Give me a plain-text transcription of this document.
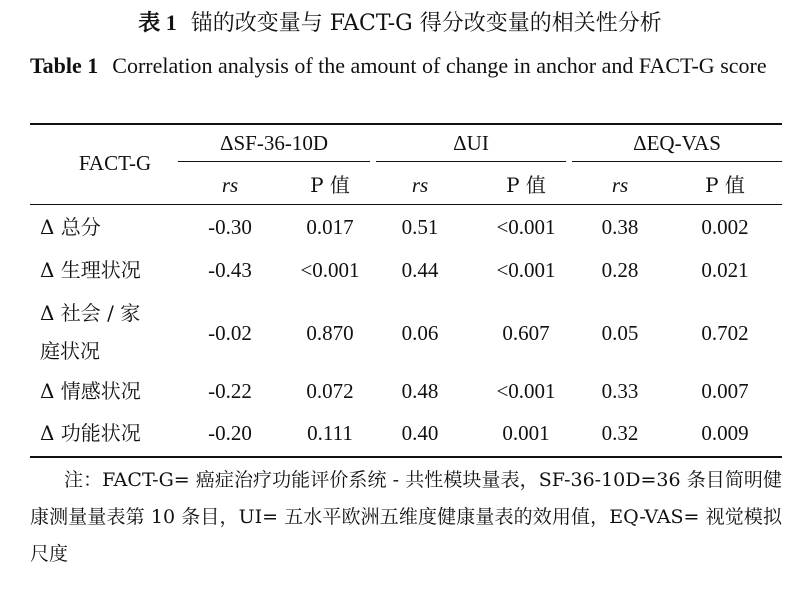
表 1 锚的改变量与 FACT-G 得分改变量的相关性分析
Table 1 Correlation analysis of the amount of change in anchor and FACT-G score
FACT-G
ΔSF-36-10D	ΔUI	ΔEQ-VAS
rs	P 值	rs	P 值	rs	P 值
Δ 总分	-0.30	0.017	0.51	<0.001	0.38	0.002
Δ 生理状况	-0.43	<0.001	0.44	<0.001	0.28	0.021
Δ 社会 / 家
庭状况
-0.02	0.870	0.06	0.607	0.05	0.702
Δ 情感状况	-0.22	0.072	0.48	<0.001	0.33	0.007
Δ 功能状况	-0.20	0.111	0.40	0.001	0.32	0.009
注：FACT-G= 癌症治疗功能评价系统 - 共性模块量表，SF-36-10D=36 条目简明健康测量量表第 10 条目，UI= 五水平欧洲五维度健康量表的效用值，EQ-VAS= 视觉模拟尺度
